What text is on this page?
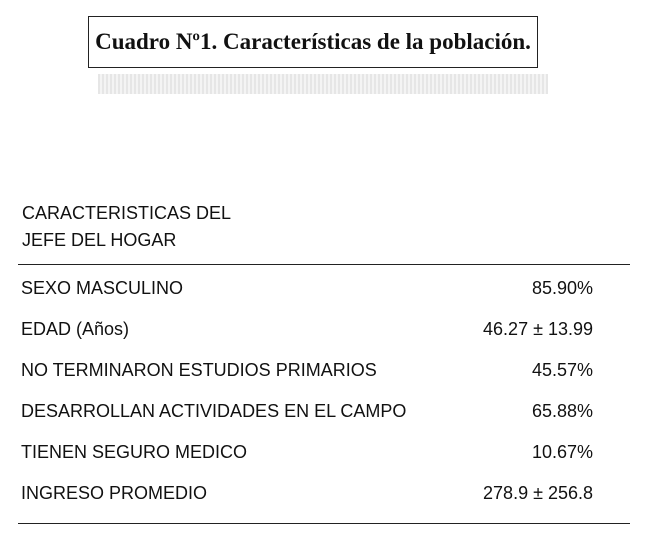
Cuadro Nº1. Características de la población.
CARACTERISTICAS DEL
JEFE DEL HOGAR
SEXO MASCULINO	85.90%
EDAD (Años)	46.27 ± 13.99
NO TERMINARON ESTUDIOS PRIMARIOS	45.57%
DESARROLLAN ACTIVIDADES EN EL CAMPO	65.88%
TIENEN SEGURO MEDICO	10.67%
INGRESO PROMEDIO	278.9 ± 256.8
